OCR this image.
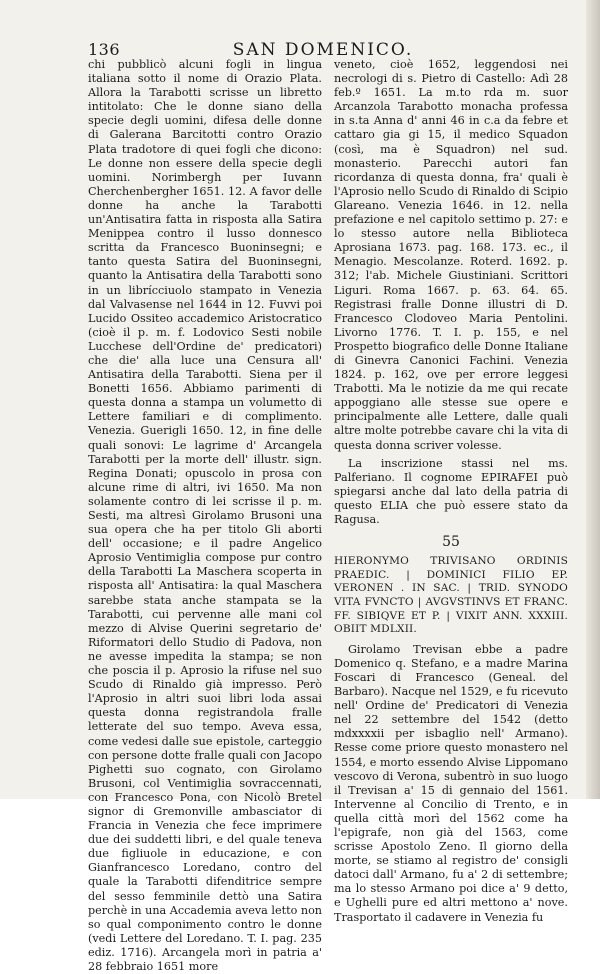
136	SAN DOMENICO.

chi pubblicò alcuni fogli in lingua italiana sotto il nome di Orazio Plata. Allora la Tarabotti scrisse un libretto intitolato: Che le donne siano della specie degli uomini, difesa delle donne di Galerana Barcitotti contro Orazio Plata tradotore di quei fogli che dicono: Le donne non essere della specie degli uomini. Norimbergh per Iuvann Cherchenbergher 1651. 12. A favor delle donne ha anche la Tarabotti un'Antisatira fatta in risposta alla Satira Menippea contro il lusso donnesco scritta da Francesco Buoninsegni; e tanto questa Satira del Buoninsegni, quanto la Antisatira della Tarabotti sono in un librícciuolo stampato in Venezia dal Valvasense nel 1644 in 12. Fuvvi poi Lucido Ossiteo accademico Aristocratico (cioè il p. m. f. Lodovico Sesti nobile Lucchese dell'Ordine de' predicatori) che die' alla luce una Censura all' Antisatira della Tarabotti. Siena per il Bonetti 1656. Abbiamo parimenti di questa donna a stampa un volumetto di Lettere familiari e di complimento. Venezia. Guerigli 1650. 12, in fine delle quali sonovi: Le lagrime d' Arcangela Tarabotti per la morte dell' illustr. sign. Regina Donati; opuscolo in prosa con alcune rime di altri, ivi 1650. Ma non solamente contro di lei scrisse il p. m. Sesti, ma altresì Girolamo Brusoni una sua opera che ha per titolo Gli aborti dell' occasione; e il padre Angelico Aprosio Ventimiglia compose pur contro della Tarabotti La Maschera scoperta in risposta all' Antisatira: la qual Maschera sarebbe stata anche stampata se la Tarabotti, cui pervenne alle mani col mezzo di Alvise Querini segretario de' Riformatori dello Studio di Padova, non ne avesse impedita la stampa; se non che poscia il p. Aprosio la rifuse nel suo Scudo di Rinaldo già impresso. Però l'Aprosio in altri suoi libri loda assai questa donna registrandola fralle letterate del suo tempo. Aveva essa, come vedesi dalle sue epistole, carteggio con persone dotte fralle quali con Jacopo Pighetti suo cognato, con Girolamo Brusoni, col Ventimiglia sovraccennati, con Francesco Pona, con Nicolò Bretel signor di Gremonville ambasciator di Francia in Venezia che fece imprimere due dei suddetti libri, e del quale teneva due figliuole in educazione, e con Gianfrancesco Loredano, contro del quale la Tarabotti difenditrice sempre del sesso femminile dettò una Satira perchè in una Accademia aveva letto non so qual componimento contro le donne (vedi Lettere del Loredano. T. I. pag. 235 ediz. 1716). Arcangela morì in patria a' 28 febbraio 1651 more

veneto, cioè 1652, leggendosi nei necrologi di s. Pietro di Castello: Adì 28 feb.º 1651. La m.to rda m. suor Arcanzola Tarabotto monacha professa in s.ta Anna d' anni 46 in c.a da febre et cattaro gia gi 15, il medico Squadon (così, ma è Squadron) nel sud. monasterio. Parecchi autori fan ricordanza di questa donna, fra' quali è l'Aprosio nello Scudo di Rinaldo di Scipio Glareano. Venezia 1646. in 12. nella prefazione e nel capitolo settimo p. 27: e lo stesso autore nella Biblioteca Aprosiana 1673. pag. 168. 173. ec., il Menagio. Mescolanze. Roterd. 1692. p. 312; l'ab. Michele Giustiniani. Scrittori Liguri. Roma 1667. p. 63. 64. 65. Registrasi fralle Donne illustri di D. Francesco Clodoveo Maria Pentolini. Livorno 1776. T. I. p. 155, e nel Prospetto biografico delle Donne Italiane di Ginevra Canonici Fachini. Venezia 1824. p. 162, ove per errore leggesi Trabotti. Ma le notizie da me qui recate appoggiano alle stesse sue opere e principalmente alle Lettere, dalle quali altre molte potrebbe cavare chi la vita di questa donna scriver volesse.

La inscrizione stassi nel ms. Palferiano. Il cognome EPIRAFEI può spiegarsi anche dal lato della patria di questo ELIA che può essere stato da Ragusa.

55
HIERONYMO TRIVISANO ORDINIS PRAEDIC. | DOMINICI FILIO EP. VERONEN . IN SAC. | TRID. SYNODO VITA FVNCTO | AVGVSTINVS ET FRANC. FF. SIBIQVE ET P. | VIXIT ANN. XXXIII. OBIIT MDLXII.

Girolamo Trevisan ebbe a padre Domenico q. Stefano, e a madre Marina Foscari di Francesco (Geneal. del Barbaro). Nacque nel 1529, e fu ricevuto nell' Ordine de' Predicatori di Venezia nel 22 settembre del 1542 (detto mdxxxxii per isbaglio nell' Armano). Resse come priore questo monastero nel 1554, e morto essendo Alvise Lippomano vescovo di Verona, subentrò in suo luogo il Trevisan a' 15 di gennaio del 1561. Intervenne al Concilio di Trento, e in quella città morì del 1562 come ha l'epigrafe, non già del 1563, come scrisse Apostolo Zeno. Il giorno della morte, se stiamo al registro de' consigli datoci dall' Armano, fu a' 2 di settembre; ma lo stesso Armano poi dice a' 9 detto, e Ughelli pure ed altri mettono a' nove. Trasportato il cadavere in Venezia fu
